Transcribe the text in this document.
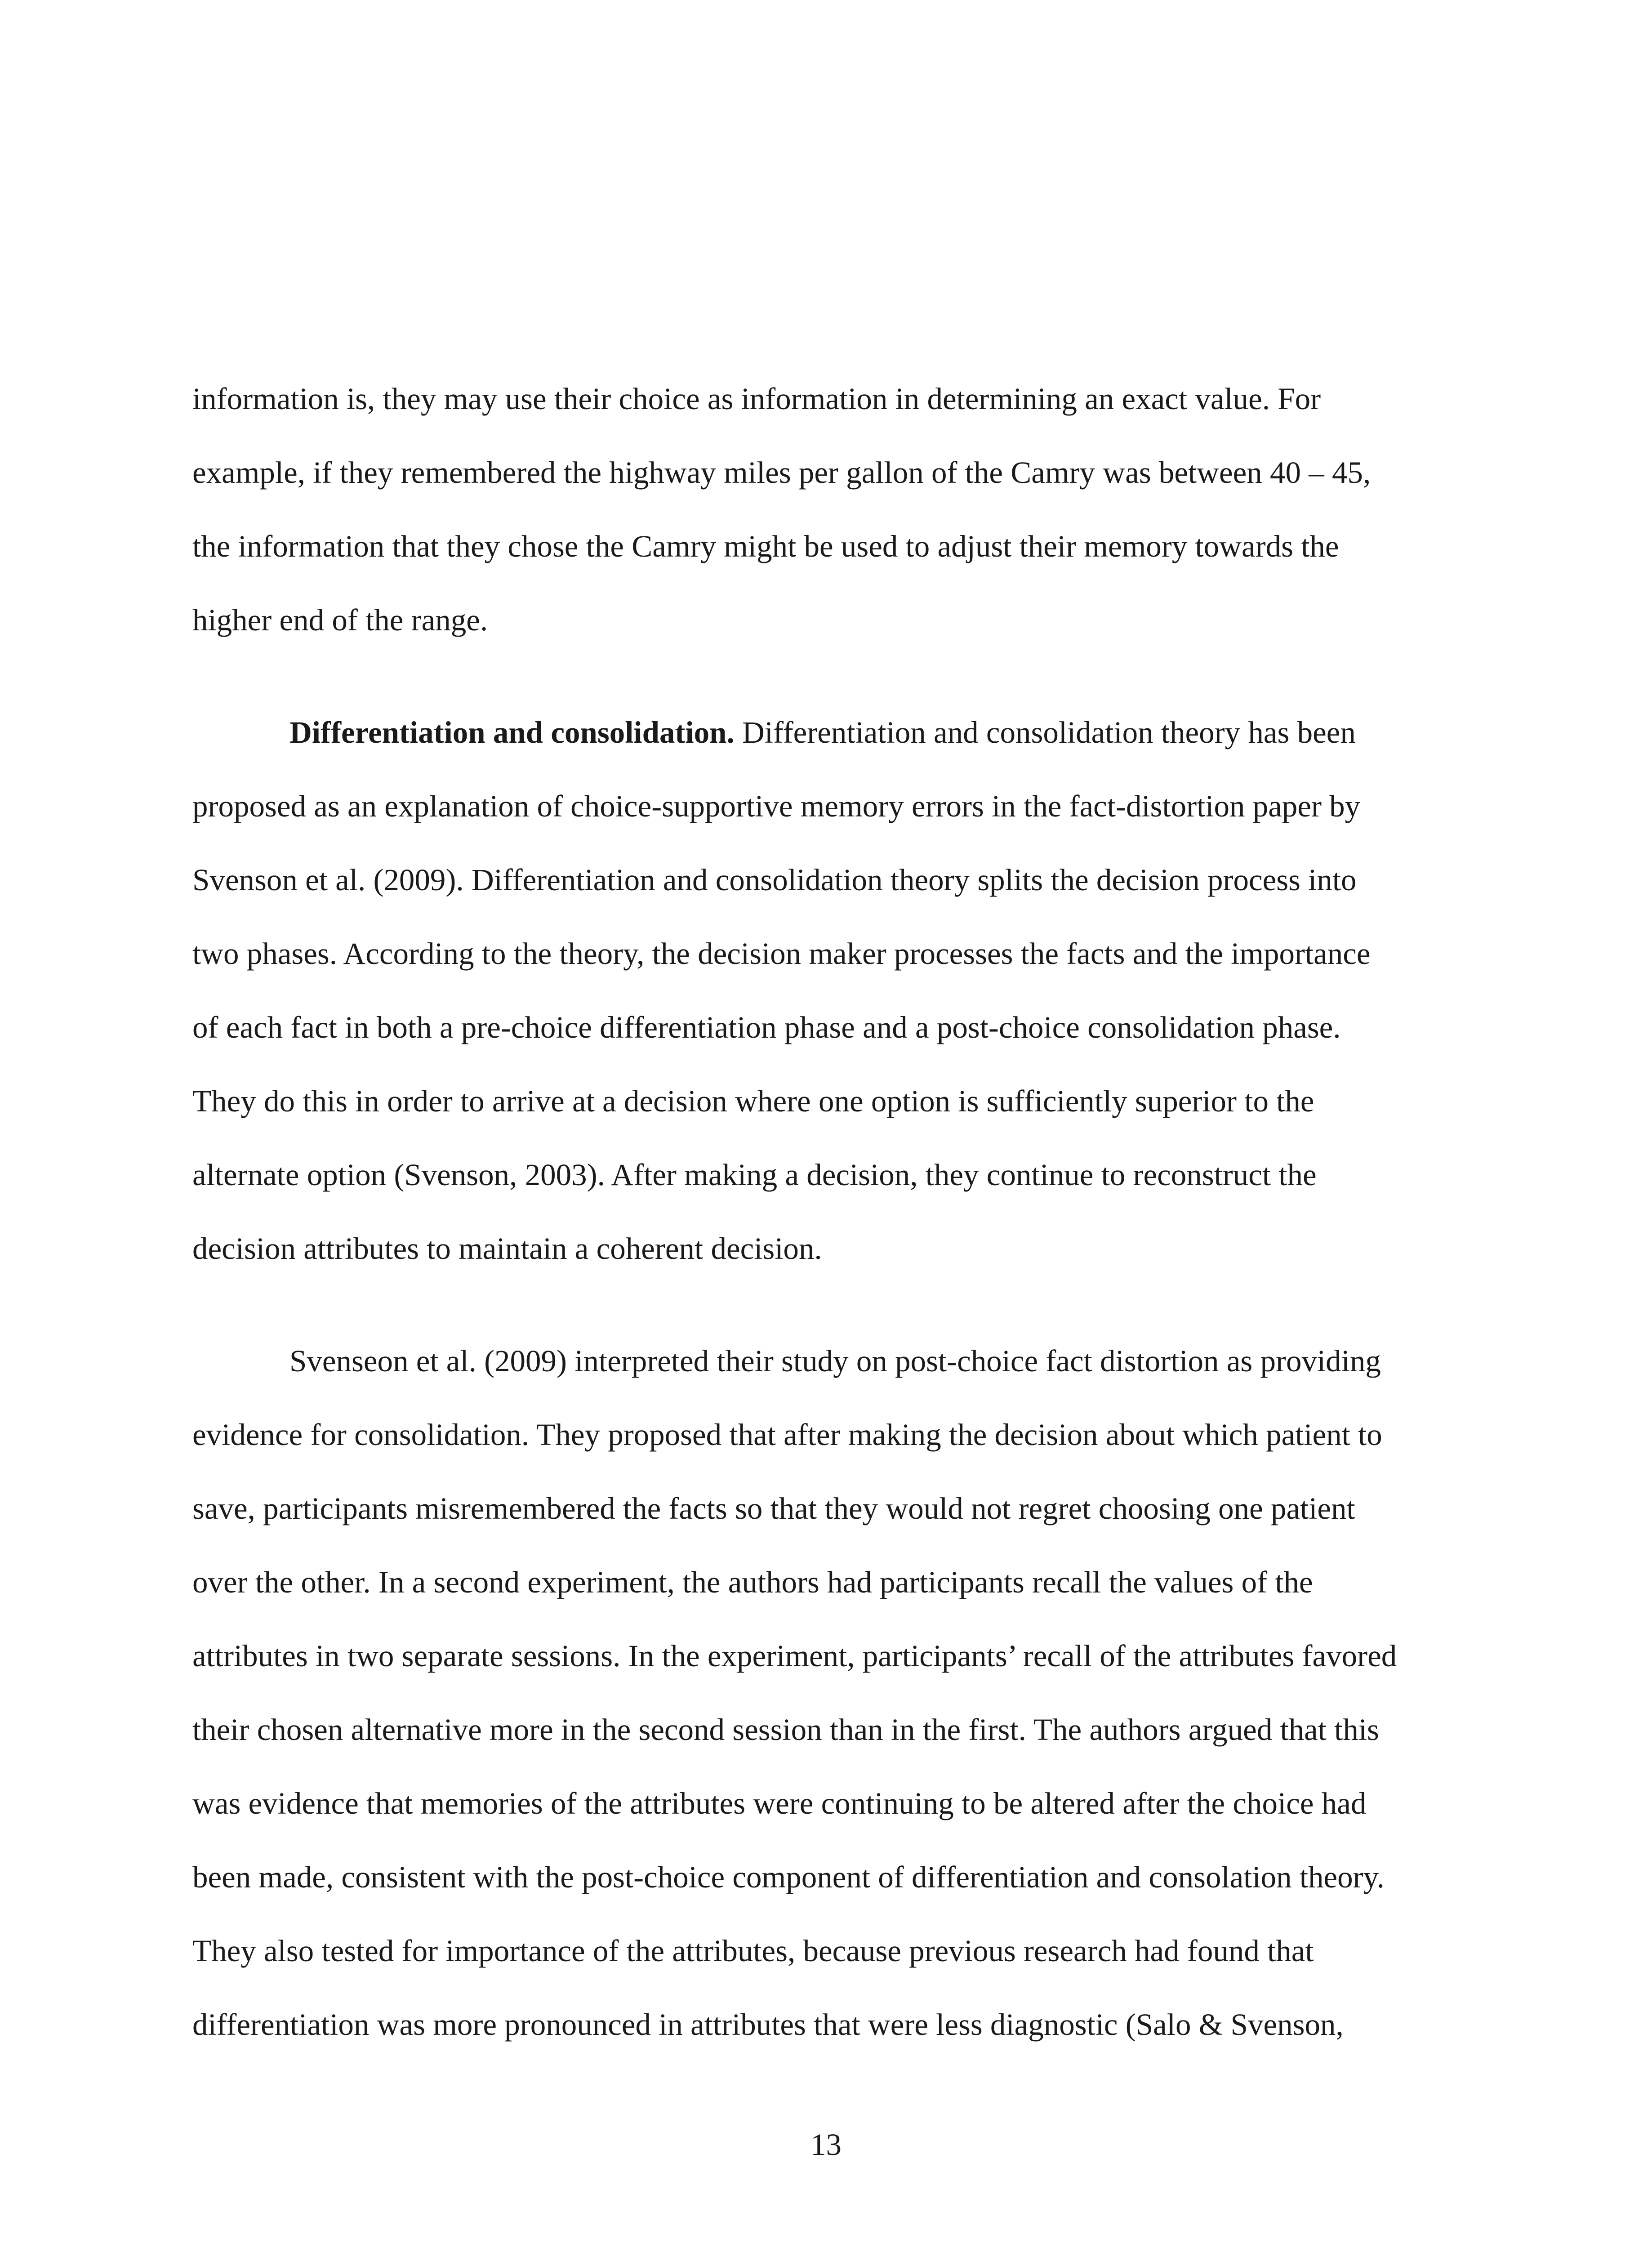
information is, they may use their choice as information in determining an exact value. For
example, if they remembered the highway miles per gallon of the Camry was between 40 – 45,
the information that they chose the Camry might be used to adjust their memory towards the
higher end of the range.
Differentiation and consolidation. Differentiation and consolidation theory has been
proposed as an explanation of choice-supportive memory errors in the fact-distortion paper by
Svenson et al. (2009). Differentiation and consolidation theory splits the decision process into
two phases. According to the theory, the decision maker processes the facts and the importance
of each fact in both a pre-choice differentiation phase and a post-choice consolidation phase.
They do this in order to arrive at a decision where one option is sufficiently superior to the
alternate option (Svenson, 2003). After making a decision, they continue to reconstruct the
decision attributes to maintain a coherent decision.
Svenseon et al. (2009) interpreted their study on post-choice fact distortion as providing
evidence for consolidation. They proposed that after making the decision about which patient to
save, participants misremembered the facts so that they would not regret choosing one patient
over the other. In a second experiment, the authors had participants recall the values of the
attributes in two separate sessions. In the experiment, participants’ recall of the attributes favored
their chosen alternative more in the second session than in the first. The authors argued that this
was evidence that memories of the attributes were continuing to be altered after the choice had
been made, consistent with the post-choice component of differentiation and consolation theory.
They also tested for importance of the attributes, because previous research had found that
differentiation was more pronounced in attributes that were less diagnostic (Salo & Svenson,
13
